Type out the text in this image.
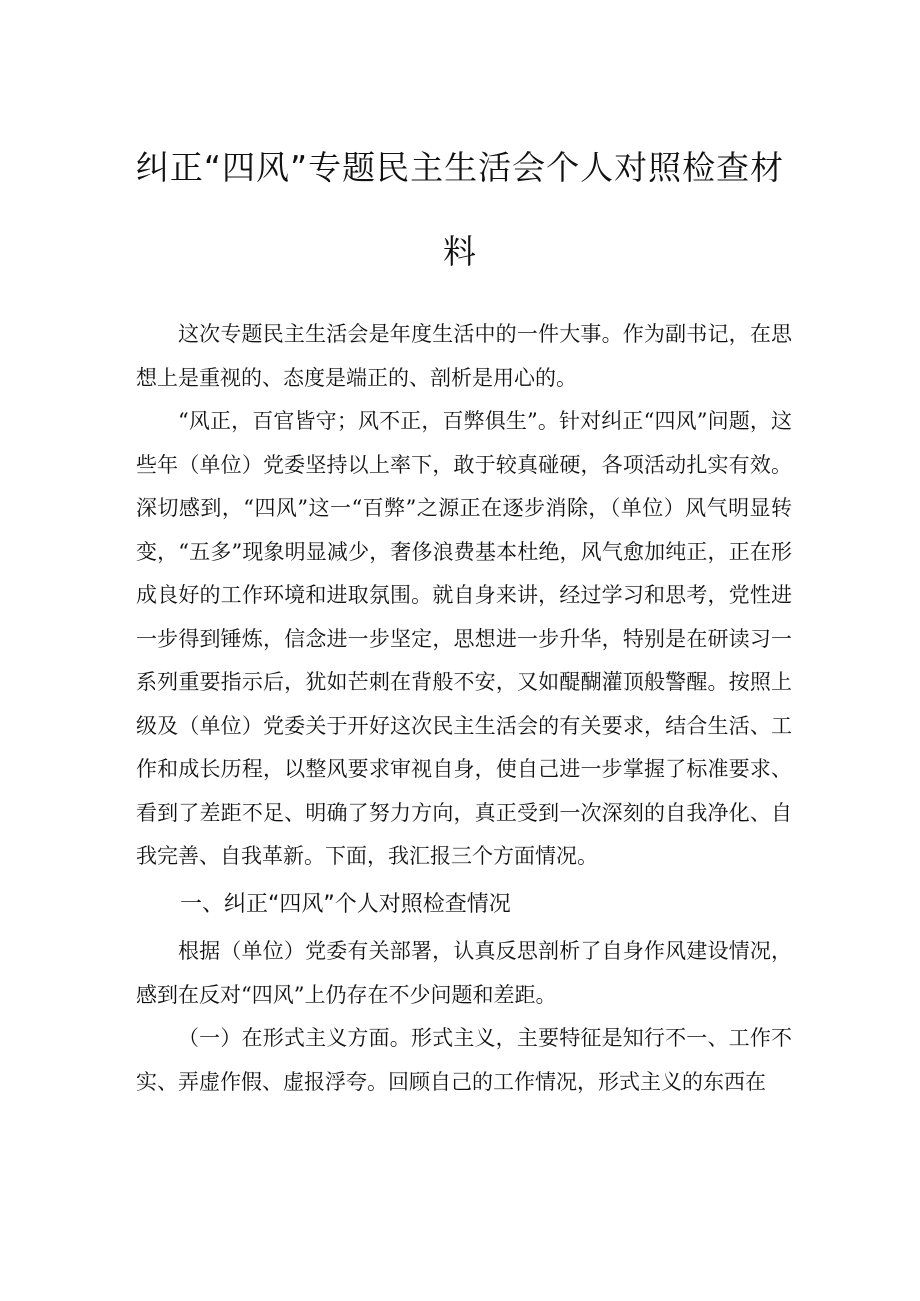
纠正“四风”专题民主生活会个人对照检查材
料

这次专题民主生活会是年度生活中的一件大事。作为副书记，在思想上是重视的、态度是端正的、剖析是用心的。

“风正，百官皆守；风不正，百弊俱生”。针对纠正“四风”问题，这些年（单位）党委坚持以上率下，敢于较真碰硬，各项活动扎实有效。深切感到，“四风”这一“百弊”之源正在逐步消除，（单位）风气明显转变，“五多”现象明显减少，奢侈浪费基本杜绝，风气愈加纯正，正在形成良好的工作环境和进取氛围。就自身来讲，经过学习和思考，党性进一步得到锤炼，信念进一步坚定，思想进一步升华，特别是在研读习一系列重要指示后，犹如芒刺在背般不安，又如醍醐灌顶般警醒。按照上级及（单位）党委关于开好这次民主生活会的有关要求，结合生活、工作和成长历程，以整风要求审视自身，使自己进一步掌握了标准要求、看到了差距不足、明确了努力方向，真正受到一次深刻的自我净化、自我完善、自我革新。下面，我汇报三个方面情况。

一、纠正“四风”个人对照检查情况

根据（单位）党委有关部署，认真反思剖析了自身作风建设情况，感到在反对“四风”上仍存在不少问题和差距。

（一）在形式主义方面。形式主义，主要特征是知行不一、工作不实、弄虚作假、虚报浮夸。回顾自己的工作情况，形式主义的东西在
